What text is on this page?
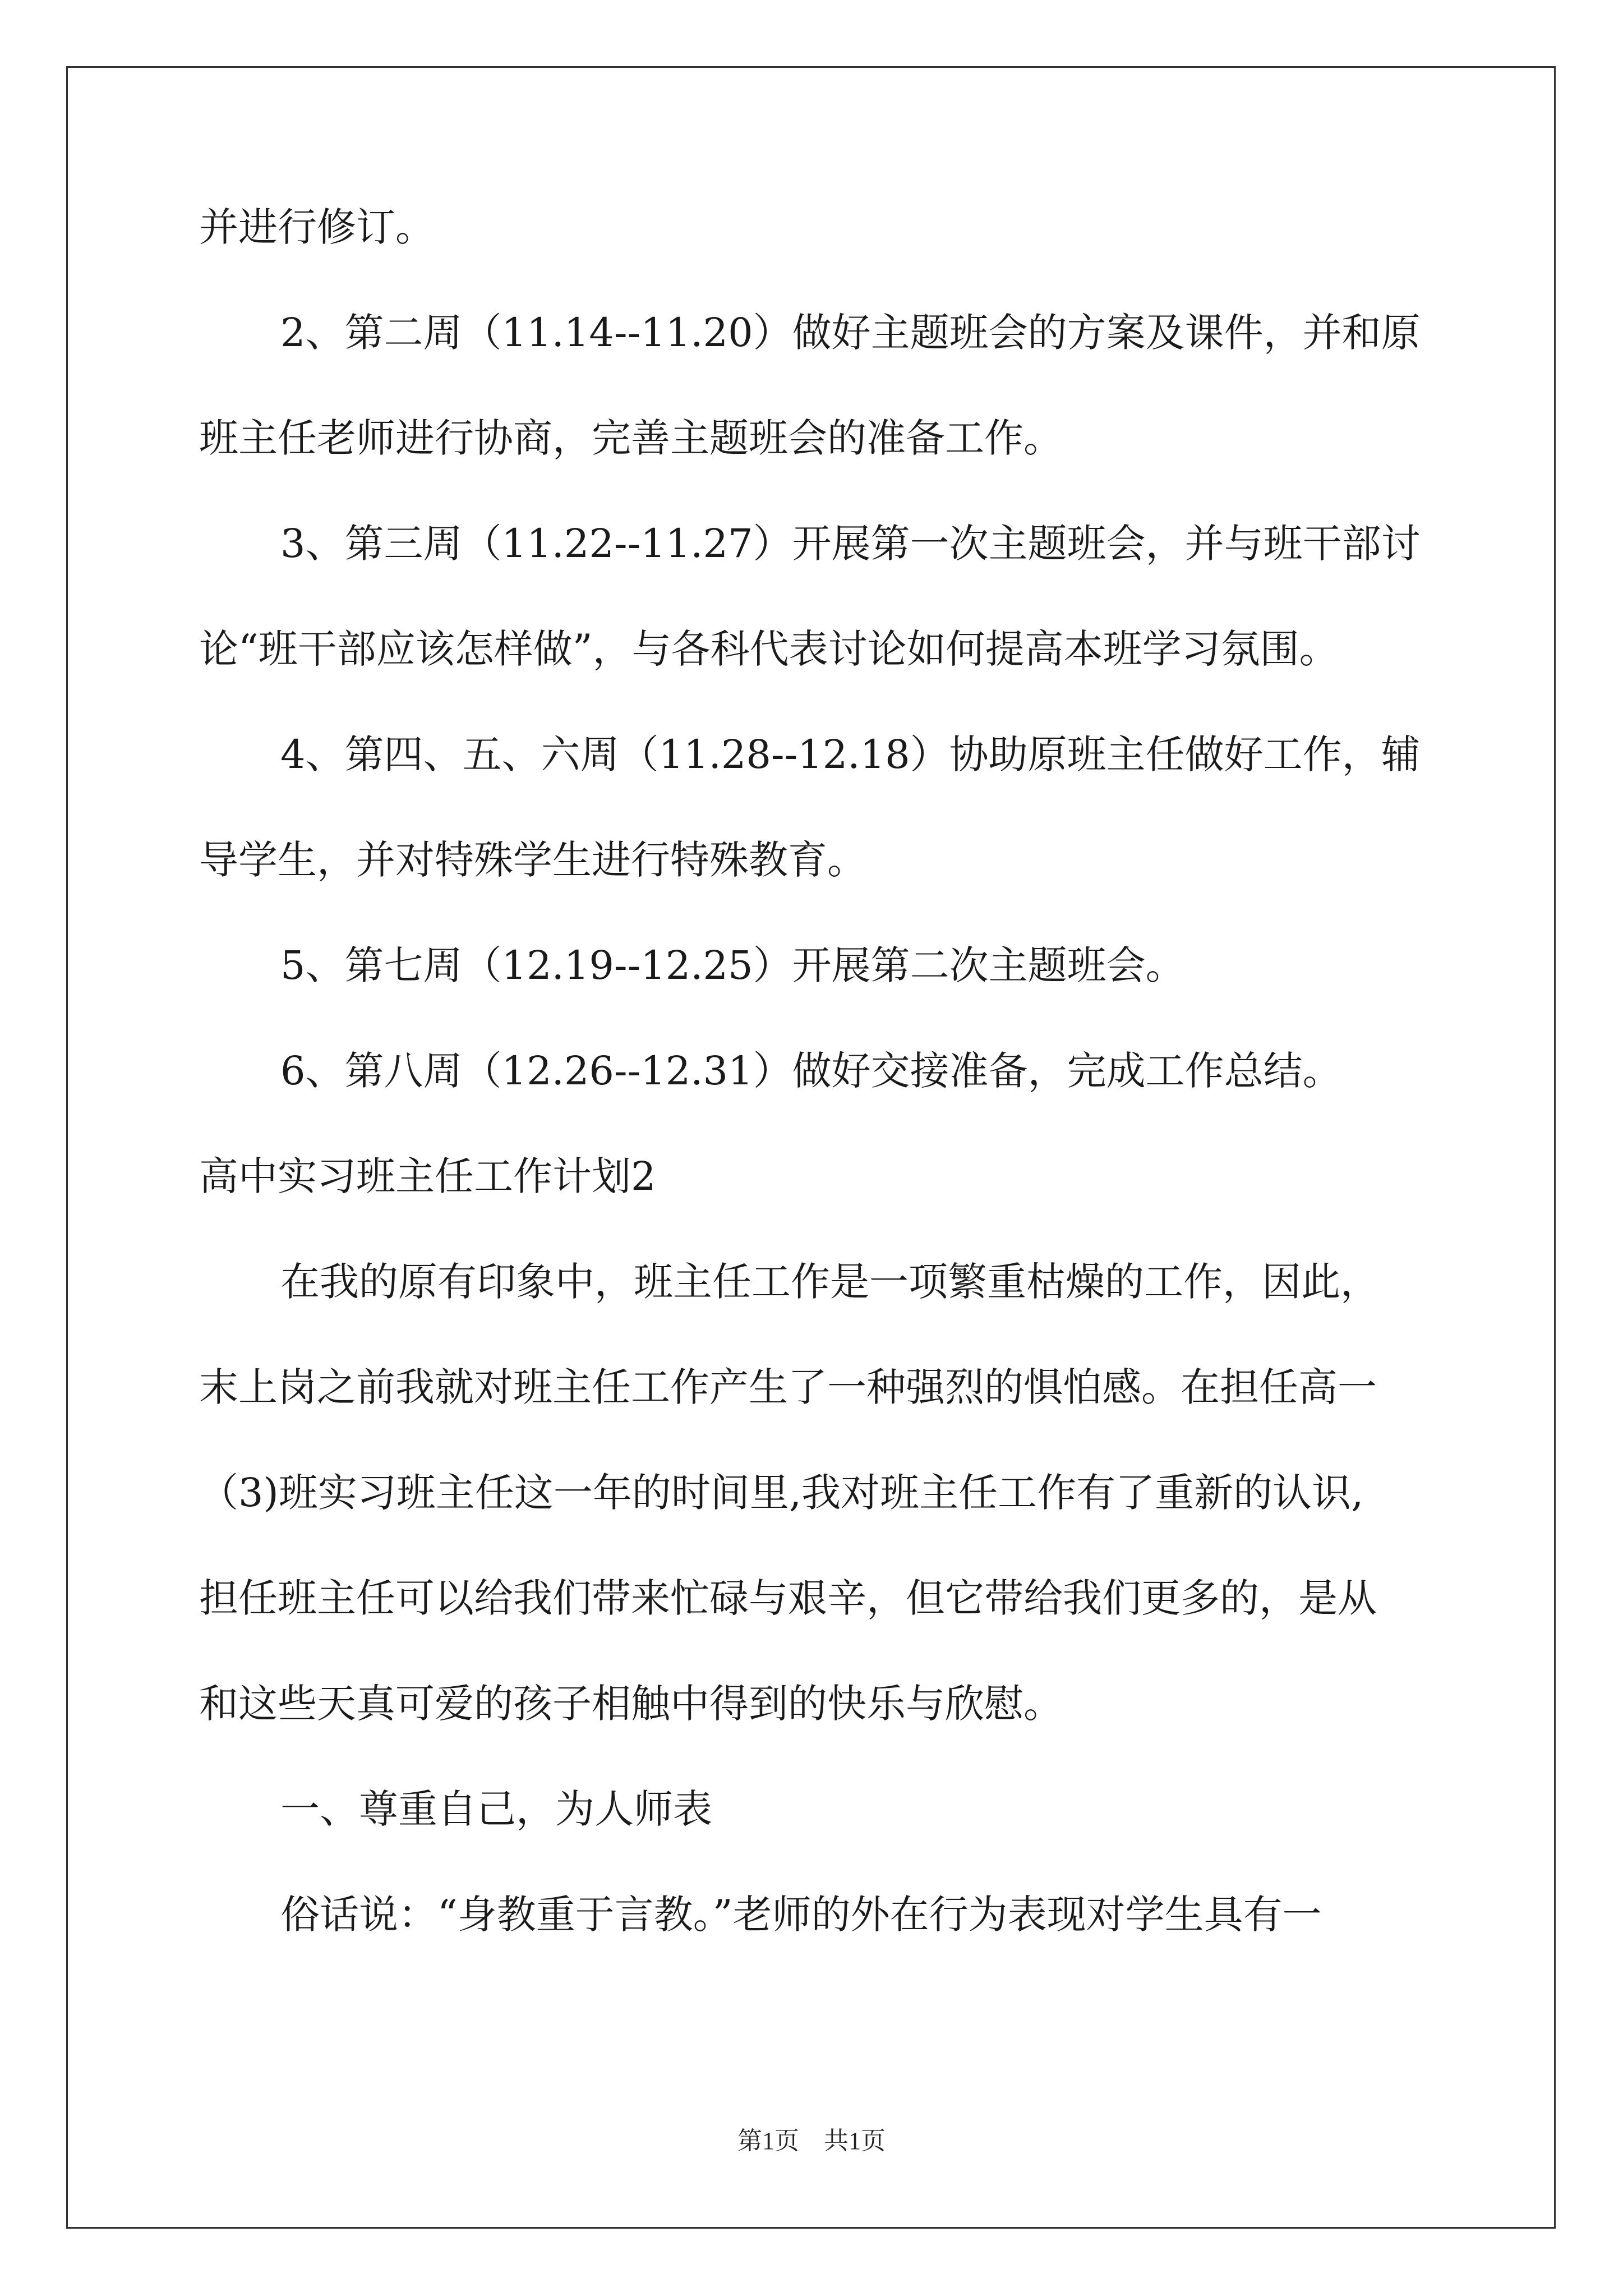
并进行修订。
2、第二周（11.14--11.20）做好主题班会的方案及课件，并和原
班主任老师进行协商，完善主题班会的准备工作。
3、第三周（11.22--11.27）开展第一次主题班会，并与班干部讨
论“班干部应该怎样做”，与各科代表讨论如何提高本班学习氛围。
4、第四、五、六周（11.28--12.18）协助原班主任做好工作，辅
导学生，并对特殊学生进行特殊教育。
5、第七周（12.19--12.25）开展第二次主题班会。
6、第八周（12.26--12.31）做好交接准备，完成工作总结。
高中实习班主任工作计划2
在我的原有印象中，班主任工作是一项繁重枯燥的工作，因此，
末上岗之前我就对班主任工作产生了一种强烈的惧怕感。在担任高一
（3)班实习班主任这一年的时间里,我对班主任工作有了重新的认识,
担任班主任可以给我们带来忙碌与艰辛，但它带给我们更多的，是从
和这些天真可爱的孩子相触中得到的快乐与欣慰。
一、尊重自己，为人师表
俗话说：“身教重于言教。”老师的外在行为表现对学生具有一
第1页　共1页
